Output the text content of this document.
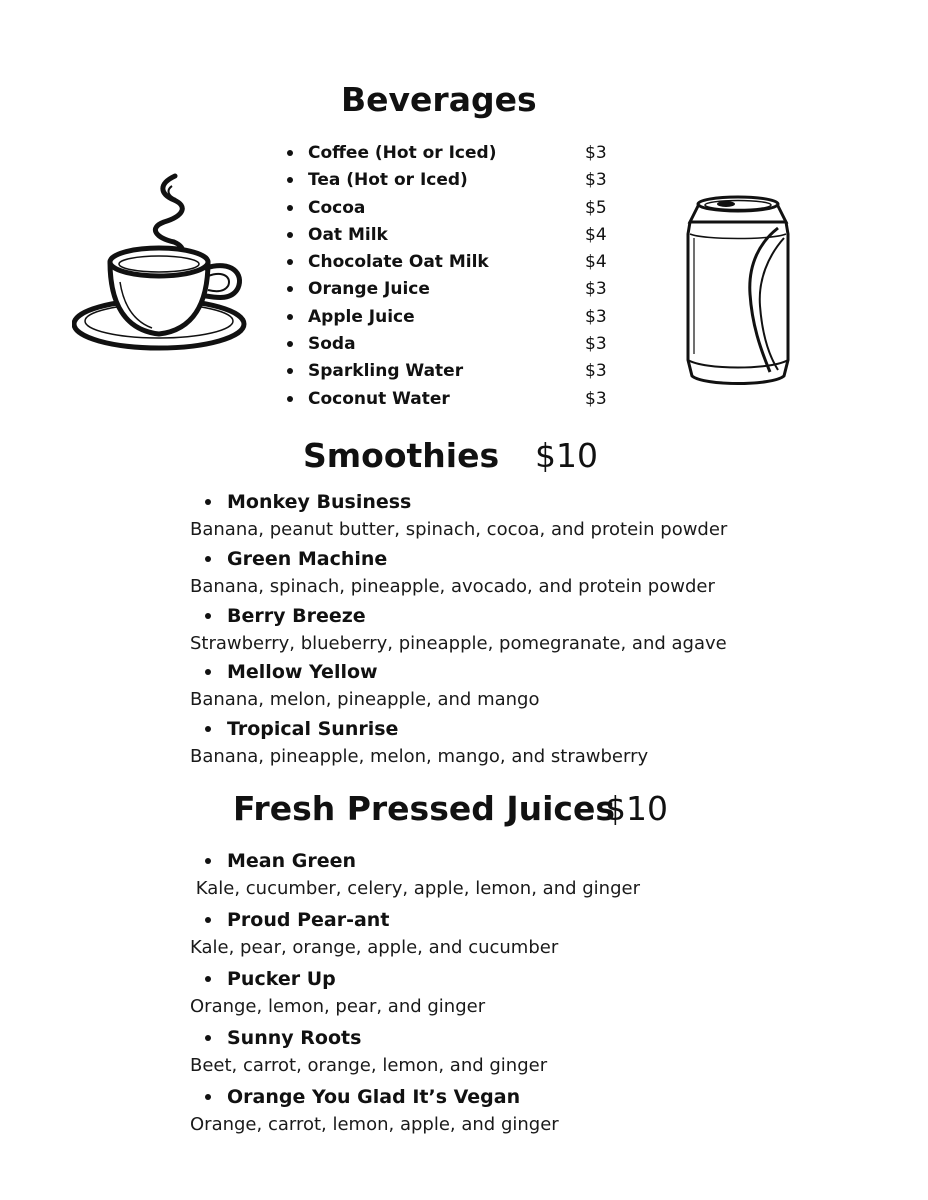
Beverages
Coffee (Hot or Iced)	$3
Tea (Hot or Iced)	$3
Cocoa	$5
Oat Milk	$4
Chocolate Oat Milk	$4
Orange Juice	$3
Apple Juice	$3
Soda	$3
Sparkling Water	$3
Coconut Water	$3
Smoothies $10
Monkey Business
Banana, peanut butter, spinach, cocoa, and protein powder
Green Machine
Banana, spinach, pineapple, avocado, and protein powder
Berry Breeze
Strawberry, blueberry, pineapple, pomegranate, and agave
Mellow Yellow
Banana, melon, pineapple, and mango
Tropical Sunrise
Banana, pineapple, melon, mango, and strawberry
Fresh Pressed Juices
$10
Mean Green
Kale, cucumber, celery, apple, lemon, and ginger
Proud Pear-ant
Kale, pear, orange, apple, and cucumber
Pucker Up
Orange, lemon, pear, and ginger
Sunny Roots
Beet, carrot, orange, lemon, and ginger
Orange You Glad It’s Vegan
Orange, carrot, lemon, apple, and ginger
